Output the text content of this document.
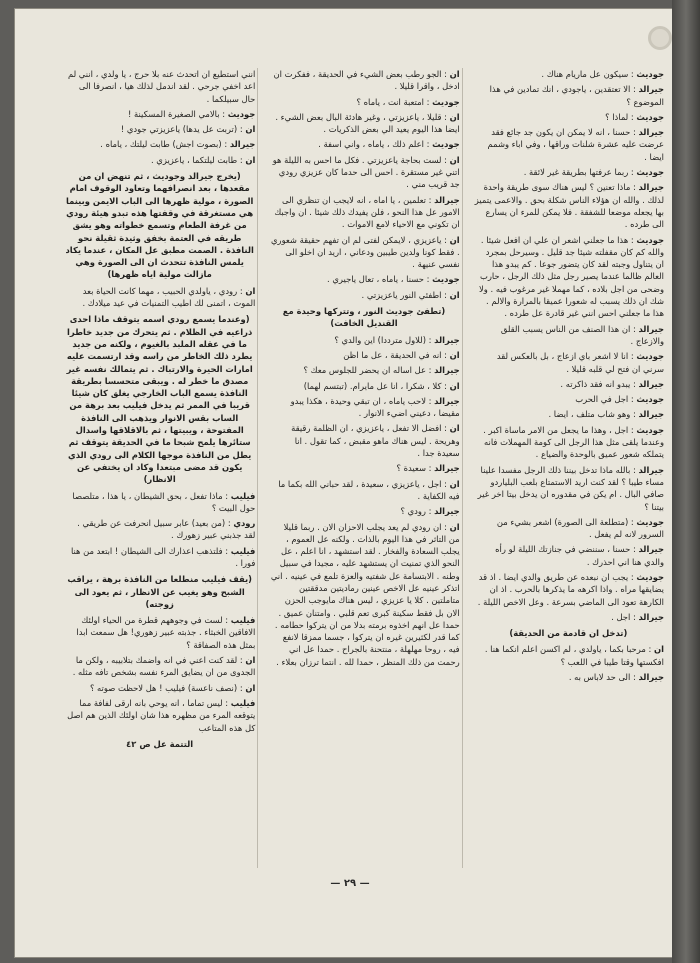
جوديث : سيكون عل ماريام هناك .
جيرالد : الا تعتقدين ، ياجودي ، انك تمادين في هذا الموضوع ؟
جوديث : لماذا ؟
جيرالد : حسنا ، انه لا يمكن ان يكون جد جائع فقد عرضت عليه عشرة شلنات وراقها ، وفي اباء وشمم ايضا .
جوديث : ربما عرفتها بطريقة غير لائقة .
جيرالد : ماذا تعنين ؟ ليس هناك سوى طريقة واحدة لذلك . والله ان هؤلاء الناس شكلة بحق . والاعمى يتميز بها يجعله موضعا للشفقة . فلا يمكن للمرء ان يسارع الى طرده .
جوديث : هذا ما جعلني اشعر ان علي ان افعل شيئا . والله كم كان مقفلته شيئا جد قليل . وسيرحل بمجرد ان يتناول وجبته لقد كان يتضور جوعا . كم يبدو هذا العالم ظالما عندما يصير رجل مثل ذلك الرجل ، حارب وضحى من اجل بلاده ، كما مهملا غير مرغوب فيه . ولا شك ان ذلك يسبب له شعورا عميقا بالمرارة والالم . هذا ما جعلني احس انني غير قادرة عل طرده .
جيرالد : ان هذا الصنف من الناس يسبب القلق والازعاج .
جوديث : انا لا اشعر باي ازعاج ، بل بالعكس لقد سرني ان فتح لي قلبه قليلا .
جيرالد : يبدو انه فقد ذاكرته .
جوديث : اجل في الحرب
جيرالد : وهو شاب متلف ، ايضا .
جوديث : اجل ، وهذا ما يجعل من الامر ماساة اكبر . وعندما يلقى مثل هذا الرجل الى كومة المهملات فانه يتملكه شعور عميق بالوحدة والضياع .
جيرالد : بالله ماذا تدخل بيننا ذلك الرجل مفسدا علينا مساء طيبا ؟ لقد كنت اريد الاستمتاع بلعب البلياردو صافي البال . ام يكن في مقدوره ان يدخل بيتا اخر غير بيتنا ؟
جوديث : (متطلعة الى الصورة) اشعر بشيء من السرور لانه لم يفعل .
جيرالد : حسنا ، سننضي في جنازتك الليلة لو رأه والدي هنا اني احذرك .
جوديث : يجب ان نبعده عن طريق والدي ايضا . اذ قد يضايقها مراه . واذا اكرهه ما يذكرها بالحرب . اذ ان الكارهة تعود الى الماضي بسرعة . وعل الاخص الليلة .
جيرالد : اجل .
(تدخل ان قادمة من الحديقة)
ان : مرحبا بكما ، ياولدي ، لم اكسن اعلم انكما هنا . افكستها وقتا طيبا في اللعب ؟
جيرالد : الى حد لاباس به .
ان : الجو رطب بعض الشيء في الحديقة ، ففكرت ان ادخل ، واقرا قليلا .
جوديث : امتعبة انت ، ياماه ؟
ان : قليلا ، ياعزيزتي ، وغير هادئة البال بعض الشيء . ايضا هذا اليوم يعيد الي بعض الذكريات .
جوديث : اعلم ذلك ، ياماه ، واني اسفة .
ان : لست بحاجة ياعزيزتي . فكل ما احس به الليلة هو اتني غير مستقرة . احس الى حدما كان عزيزي رودي جد قريب مني .
جيرالد : تعلمين ، يا اماه ، انه لايجب ان تنظري الى الامور عل هذا النحو ، فلن يفيدك ذلك شيئا . ان واجبك ان تكوني مع الاحياء لامع الاموات .
ان : ياعزيزي ، لايمكن لفتى لم ان تفهم حقيقة شعوري . فقط كونا ولدين طيبين ودعاني ، اريد ان اخلو الى نفسي عنيهة .
جوديث : حسنا ، ياماه ، تعال ياجيري .
ان : اطفئي النور ياعزيزتي .
(تطفئ جوديث النور ، وتتركها وحيدة مع القنديل الخافت)
جيرالد : (للاول مترددا) اين والدي ؟
ان : انه في الحديقة ، عل ما اظن
جيرالد : عل اساله ان يحضر للجلوس معك ؟
ان : كلا ، شكرا ، انا عل مايرام. (تبتسم لهما)
جيرالد : لاحب ياماه ، ان تبقي وحيدة ، هكذا يبدو مقيضا ، دعيني اضيء الانوار .
ان : افضل الا تفعل ، ياعزيزي ، ان الظلمة رقيقة وهريحة . ليس هناك ماهو مقبض ، كما تقول . انا سعيدة جدا .
جيرالد : سعيدة ؟
ان : اجل ، ياعزيزي ، سعيدة ، لقد حباني الله بكما ما فيه الكفاية .
جيرالد : رودي ؟
ان : ان رودي لم يعد يجلب الاحزان الان . ربما قليلا من التاثر في هذا اليوم بالذات . ولكنه عل العموم ، يجلب السعادة والفخار . لقد استشهد ، انا اعلم ، عل النحو الذي تمنيت ان يستشهد عليه ، مجيدا في سبيل وطنه . الابتسامة عل شفتيه والعزة تلمع في عينيه . اني اتذكر عينيه عل الاخص عينين رماديتين مدققتين متاملتين . كلا يا عزيزي ، ليس هناك مايوجب الحزن الان بل فقط سكينة كبرى تعم قلبي . وامتنان عميق . حمدا عل انهم اخذوه برمته بدلا من ان يتركوا حطامه . كما قدر لكثيرين غيره ان يتركوا ، جسما ممزقا لانفع فيه ، روحا مهلهلة ، منتحنة بالجراح . حمدا عل اني رحمت من ذلك المنظر ، حمدا لله . انتما ترزان بعلاء .
انني استطيع ان اتحدث عنه بلا حرج ، يا ولدي ، انني لم اعد اخفي جرحي . لقد اندمل لذلك هيا ، انصرفا الى حال سبيلكما .
جوديث : بالامي الصغيرة المسكينة !
ان : (تربت عل يدها) ياعزيزتي جودي !
جيرالد : (بصوت اجش) طابت ليلتك ، ياماه .
ان : طابت ليلتكما ، ياعزيزي .
(يخرج جيرالد وجوديث ، ثم تنهض ان من مقعدها ، بعد انصرافهما وتعاود الوقوف امام الصورة ، مولية ظهرها الى الباب الايمن وبينما هي مستغرقة في وقفتها هذه تبدو هيئة رودي من غرفة الطعام وتسمع خطواته وهو يشق طريقه في العتمة بخفق وثيدة ثقيلة نحو النافذة . الصمت مطبق عل المكان ، عندما يكاد يلمس النافذة تتحدث ان الى الصورة وهي مازالت مولية اياه ظهرها)
ان : رودي ، ياولدي الحبيب ، مهما كانت الحياة بعد الموت ، اتمنى لك اطيب التمنيات في عيد ميلادك .
(وعندما يسمع رودي اسمه يتوقف ماذا احدى ذراعيه في الظلام . ثم يتحرك من جديد خاطرا ما في عقله الملبد بالغيوم ، ولكنه من جديد يطرد ذلك الخاطر من راسه وقد ارتسمت عليه امارات الحيرة والارتباك . ثم يتمالك نفسه غير مصدق ما خطر له . ويبقى متحسسا بطريقة النافذة يسمع الباب الخارجي يغلق كان شيئا قريبا في الممر ثم يدخل فيليب بعد برهة من الساب بقس الانوار ويذهب الى النافذة المفتوحة ، ويبيتها ، ثم بالاقلاقها واسدال ستائرها يلمح شبحا ما في الحديقة يتوقف ثم يطل من النافذة موجها الكلام الى رودي الذي يكون قد مضى مبتعدا وكاد ان يختفي عن الانظار)
فيليب : ماذا تفعل ، بحق الشيطان ، يا هذا ، متلصصا حول البيت ؟
رودي : (من بعيد) عابر سبيل انحرفت عن طريقي . لقد جذبني عبير زهورك .
فيليب : فلتذهب اعذارك الى الشيطان ! ابتعد من هنا فورا .
(يقف فيليب منطلعا من النافذة برهة ، يراقب الشبح وهو يغيب عن الانظار ، ثم يعود الى زوجته)
فيليب : لست في وجوههم قطرة من الحياء اولئك الافاقين الخبثاء . جذبته عبير زهوري! هل سمعت ابدا بمثل هذه الصفاقة ؟
ان : لقد كنت اعني في انه واضمك بتلابيبه ، ولكن ما الجدوى من ان يضايق المرء نفسه بشخص تافه مثله .
ان : (نصف ناعسة) فيليب ! هل لاحظت صوته ؟
فيليب : ليس تماما ، انه يوحي بانه ارقى لفافة مما يتوقعه المرء من مظهره هذا شان اولئك الذين هم اصل كل هذه المتاعب
التتمة عل ص ٤٢
— ٢٩ —
